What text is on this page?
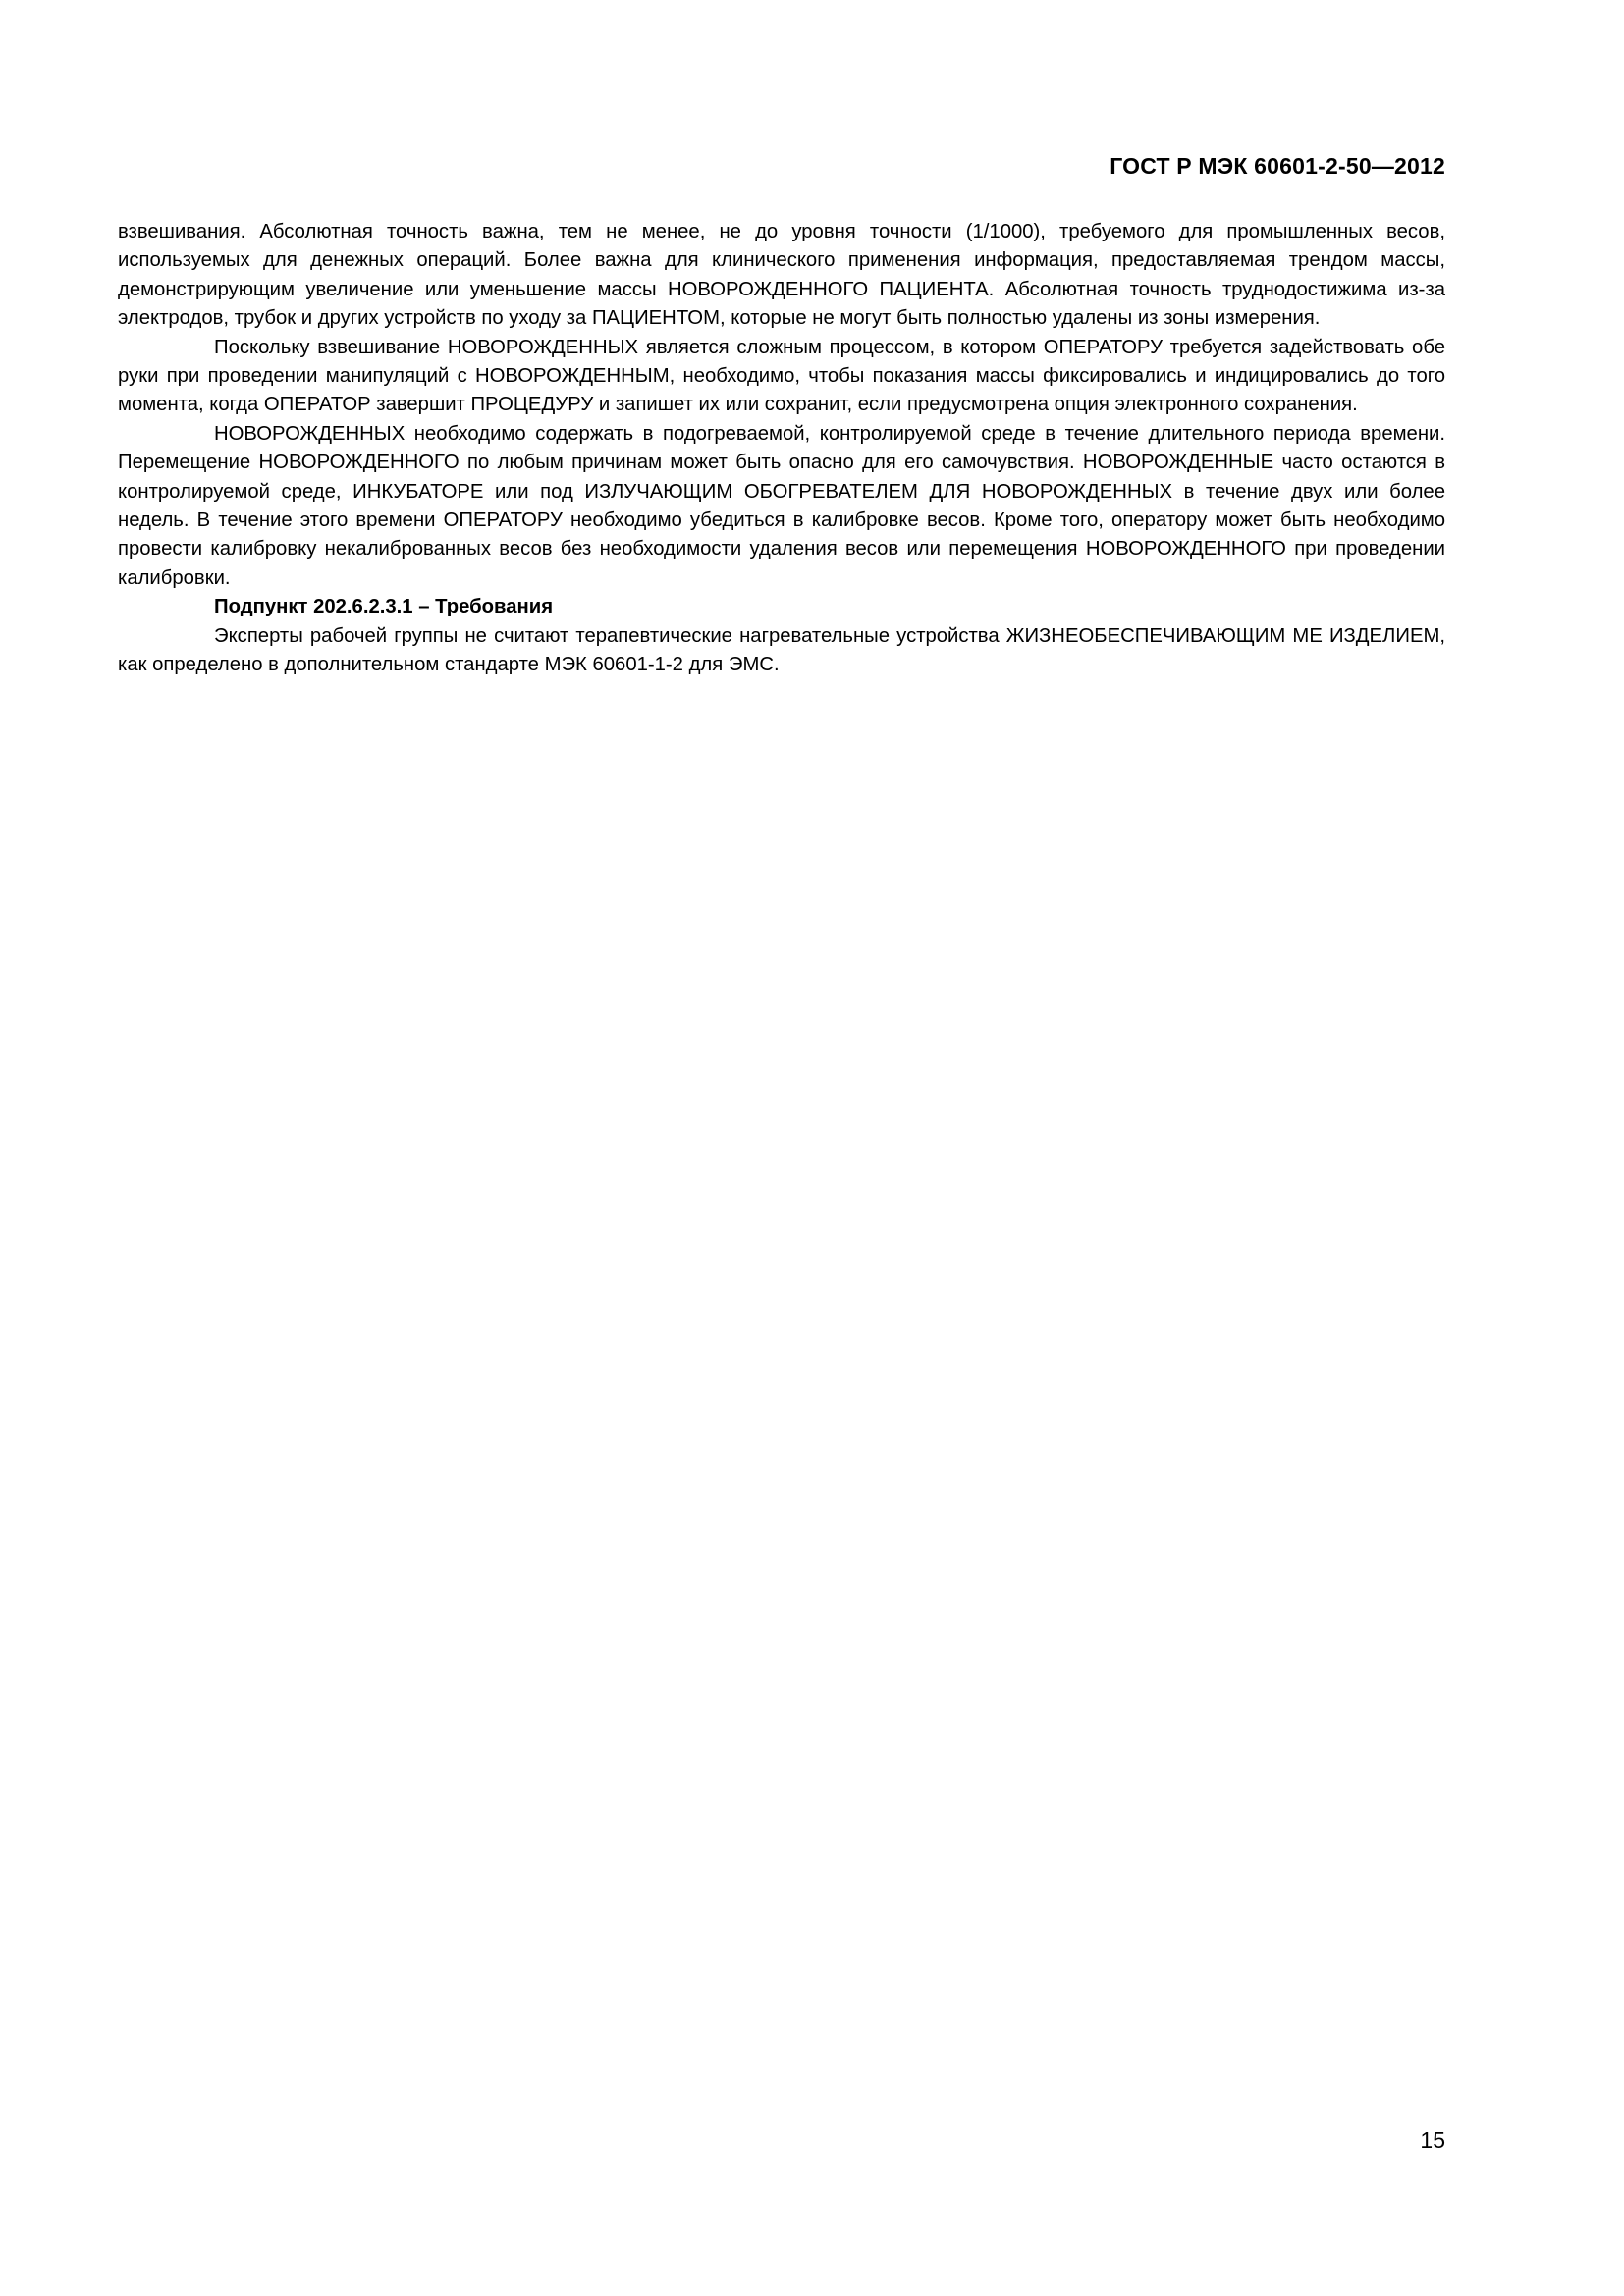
ГОСТ Р МЭК 60601-2-50—2012

взвешивания. Абсолютная точность важна, тем не менее, не до уровня точности (1/1000), требуемого для промышленных весов, используемых для денежных операций. Более важна для клинического применения информация, предоставляемая трендом массы, демонстрирующим увеличение или уменьшение массы НОВОРОЖДЕННОГО ПАЦИЕНТА. Абсолютная точность труднодостижима из-за электродов, трубок и других устройств по уходу за ПАЦИЕНТОМ, которые не могут быть полностью удалены из зоны измерения.

Поскольку взвешивание НОВОРОЖДЕННЫХ является сложным процессом, в котором ОПЕРАТОРУ требуется задействовать обе руки при проведении манипуляций с НОВОРОЖДЕННЫМ, необходимо, чтобы показания массы фиксировались и индицировались до того момента, когда ОПЕРАТОР завершит ПРОЦЕДУРУ и запишет их или сохранит, если предусмотрена опция электронного сохранения.

НОВОРОЖДЕННЫХ необходимо содержать в подогреваемой, контролируемой среде в течение длительного периода времени. Перемещение НОВОРОЖДЕННОГО по любым причинам может быть опасно для его самочувствия. НОВОРОЖДЕННЫЕ часто остаются в контролируемой среде, ИНКУБАТОРЕ или под ИЗЛУЧАЮЩИМ ОБОГРЕВАТЕЛЕМ ДЛЯ НОВОРОЖДЕННЫХ в течение двух или более недель. В течение этого времени ОПЕРАТОРУ необходимо убедиться в калибровке весов. Кроме того, оператору может быть необходимо провести калибровку некалиброванных весов без необходимости удаления весов или перемещения НОВОРОЖДЕННОГО при проведении калибровки.

Подпункт 202.6.2.3.1 – Требования

Эксперты рабочей группы не считают терапевтические нагревательные устройства ЖИЗНЕОБЕСПЕЧИВАЮЩИМ МЕ ИЗДЕЛИЕМ, как определено в дополнительном стандарте МЭК 60601-1-2 для ЭМС.

15
